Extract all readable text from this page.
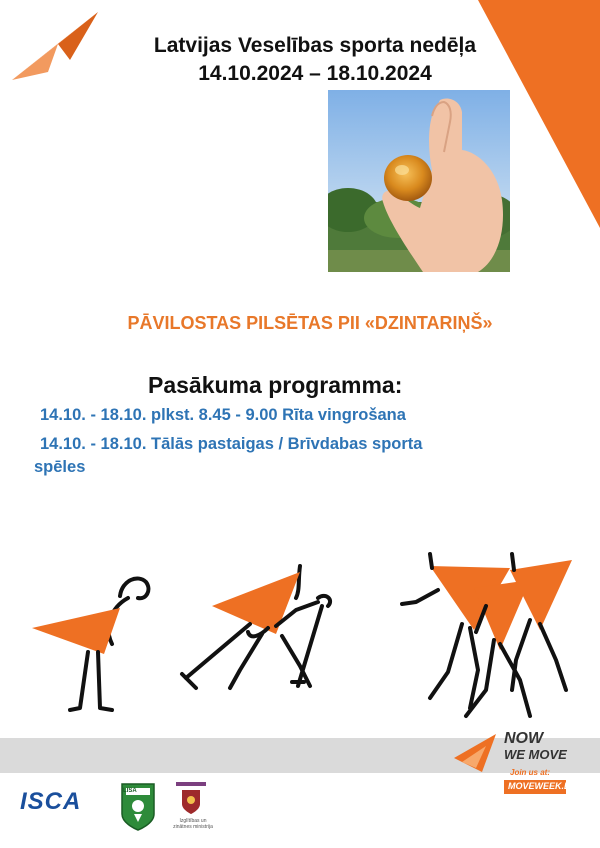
Latvijas Veselības sporta nedēļa
14.10.2024 – 18.10.2024
PĀVILOSTAS PILSĒTAS PII «DZINTARIŅŠ»
Pasākuma programma:
14.10. - 18.10. plkst. 8.45 - 9.00 Rīta vingrošana
14.10. - 18.10. Tālās pastaigas / Brīvdabas sporta
spēles
NOW
WE MOVE
Join us at:
MOVEWEEK.EU
ISCA	LISA
Izglītības un zinātnes ministrija
